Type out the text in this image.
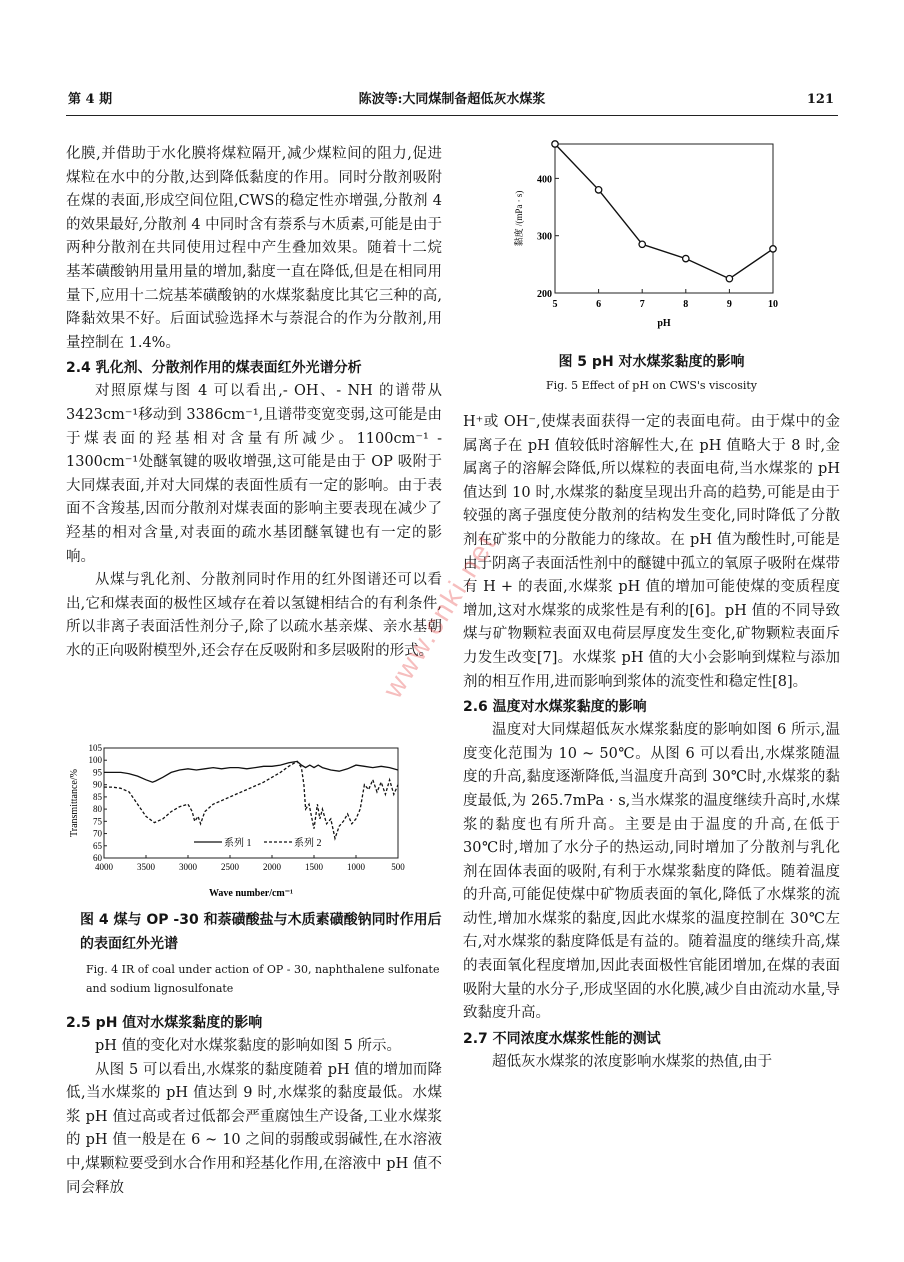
第 4 期	陈波等:大同煤制备超低灰水煤浆	121

化膜,并借助于水化膜将煤粒隔开,减少煤粒间的阻力,促进煤粒在水中的分散,达到降低黏度的作用。同时分散剂吸附在煤的表面,形成空间位阻,CWS的稳定性亦增强,分散剂 4 的效果最好,分散剂 4 中同时含有萘系与木质素,可能是由于两种分散剂在共同使用过程中产生叠加效果。随着十二烷基苯磺酸钠用量用量的增加,黏度一直在降低,但是在相同用量下,应用十二烷基苯磺酸钠的水煤浆黏度比其它三种的高,降黏效果不好。后面试验选择木与萘混合的作为分散剂,用量控制在 1.4%。

2.4 乳化剂、分散剂作用的煤表面红外光谱分析

对照原煤与图 4 可以看出,- OH、- NH 的谱带从 3423cm⁻¹移动到 3386cm⁻¹,且谱带变宽变弱,这可能是由于煤表面的羟基相对含量有所减少。1100cm⁻¹ - 1300cm⁻¹处醚氧键的吸收增强,这可能是由于 OP 吸附于大同煤表面,并对大同煤的表面性质有一定的影响。由于表面不含羧基,因而分散剂对煤表面的影响主要表现在减少了羟基的相对含量,对表面的疏水基团醚氧键也有一定的影响。

从煤与乳化剂、分散剂同时作用的红外图谱还可以看出,它和煤表面的极性区域存在着以氢键相结合的有利条件,所以非离子表面活性剂分子,除了以疏水基亲煤、亲水基朝水的正向吸附模型外,还会存在反吸附和多层吸附的形式。

Transmittance/%
Wave number/cm⁻¹
60
65
70
75
80
85
90
95
100
105
4000	3500	3000	2500	2000	1500	1000	500
系列 1	系列 2
图 4 煤与 OP -30 和萘磺酸盐与木质素磺酸钠同时作用后的表面红外光谱
Fig. 4 IR of coal under action of OP - 30, naphthalene sulfonate and sodium lignosulfonate

2.5 pH 值对水煤浆黏度的影响

pH 值的变化对水煤浆黏度的影响如图 5 所示。

从图 5 可以看出,水煤浆的黏度随着 pH 值的增加而降低,当水煤浆的 pH 值达到 9 时,水煤浆的黏度最低。水煤浆 pH 值过高或者过低都会严重腐蚀生产设备,工业水煤浆的 pH 值一般是在 6 ~ 10 之间的弱酸或弱碱性,在水溶液中,煤颗粒要受到水合作用和羟基化作用,在溶液中 pH 值不同会释放

黏度 /(mPa · s)
pH
200
300
400
5	6	7	8	9	10
图 5 pH 对水煤浆黏度的影响
Fig. 5 Effect of pH on CWS's viscosity

H⁺或 OH⁻,使煤表面获得一定的表面电荷。由于煤中的金属离子在 pH 值较低时溶解性大,在 pH 值略大于 8 时,金属离子的溶解会降低,所以煤粒的表面电荷,当水煤浆的 pH 值达到 10 时,水煤浆的黏度呈现出升高的趋势,可能是由于较强的离子强度使分散剂的结构发生变化,同时降低了分散剂在矿浆中的分散能力的缘故。在 pH 值为酸性时,可能是由于阴离子表面活性剂中的醚键中孤立的氧原子吸附在煤带有 H + 的表面,水煤浆 pH 值的增加可能使煤的变质程度增加,这对水煤浆的成浆性是有利的[6]。pH 值的不同导致煤与矿物颗粒表面双电荷层厚度发生变化,矿物颗粒表面斥力发生改变[7]。水煤浆 pH 值的大小会影响到煤粒与添加剂的相互作用,进而影响到浆体的流变性和稳定性[8]。

2.6 温度对水煤浆黏度的影响

温度对大同煤超低灰水煤浆黏度的影响如图 6 所示,温度变化范围为 10 ~ 50℃。从图 6 可以看出,水煤浆随温度的升高,黏度逐渐降低,当温度升高到 30℃时,水煤浆的黏度最低,为 265.7mPa · s,当水煤浆的温度继续升高时,水煤浆的黏度也有所升高。主要是由于温度的升高,在低于 30℃时,增加了水分子的热运动,同时增加了分散剂与乳化剂在固体表面的吸附,有利于水煤浆黏度的降低。随着温度的升高,可能促使煤中矿物质表面的氧化,降低了水煤浆的流动性,增加水煤浆的黏度,因此水煤浆的温度控制在 30℃左右,对水煤浆的黏度降低是有益的。随着温度的继续升高,煤的表面氧化程度增加,因此表面极性官能团增加,在煤的表面吸附大量的水分子,形成坚固的水化膜,减少自由流动水量,导致黏度升高。

2.7 不同浓度水煤浆性能的测试

超低灰水煤浆的浓度影响水煤浆的热值,由于

www.cnki.net
